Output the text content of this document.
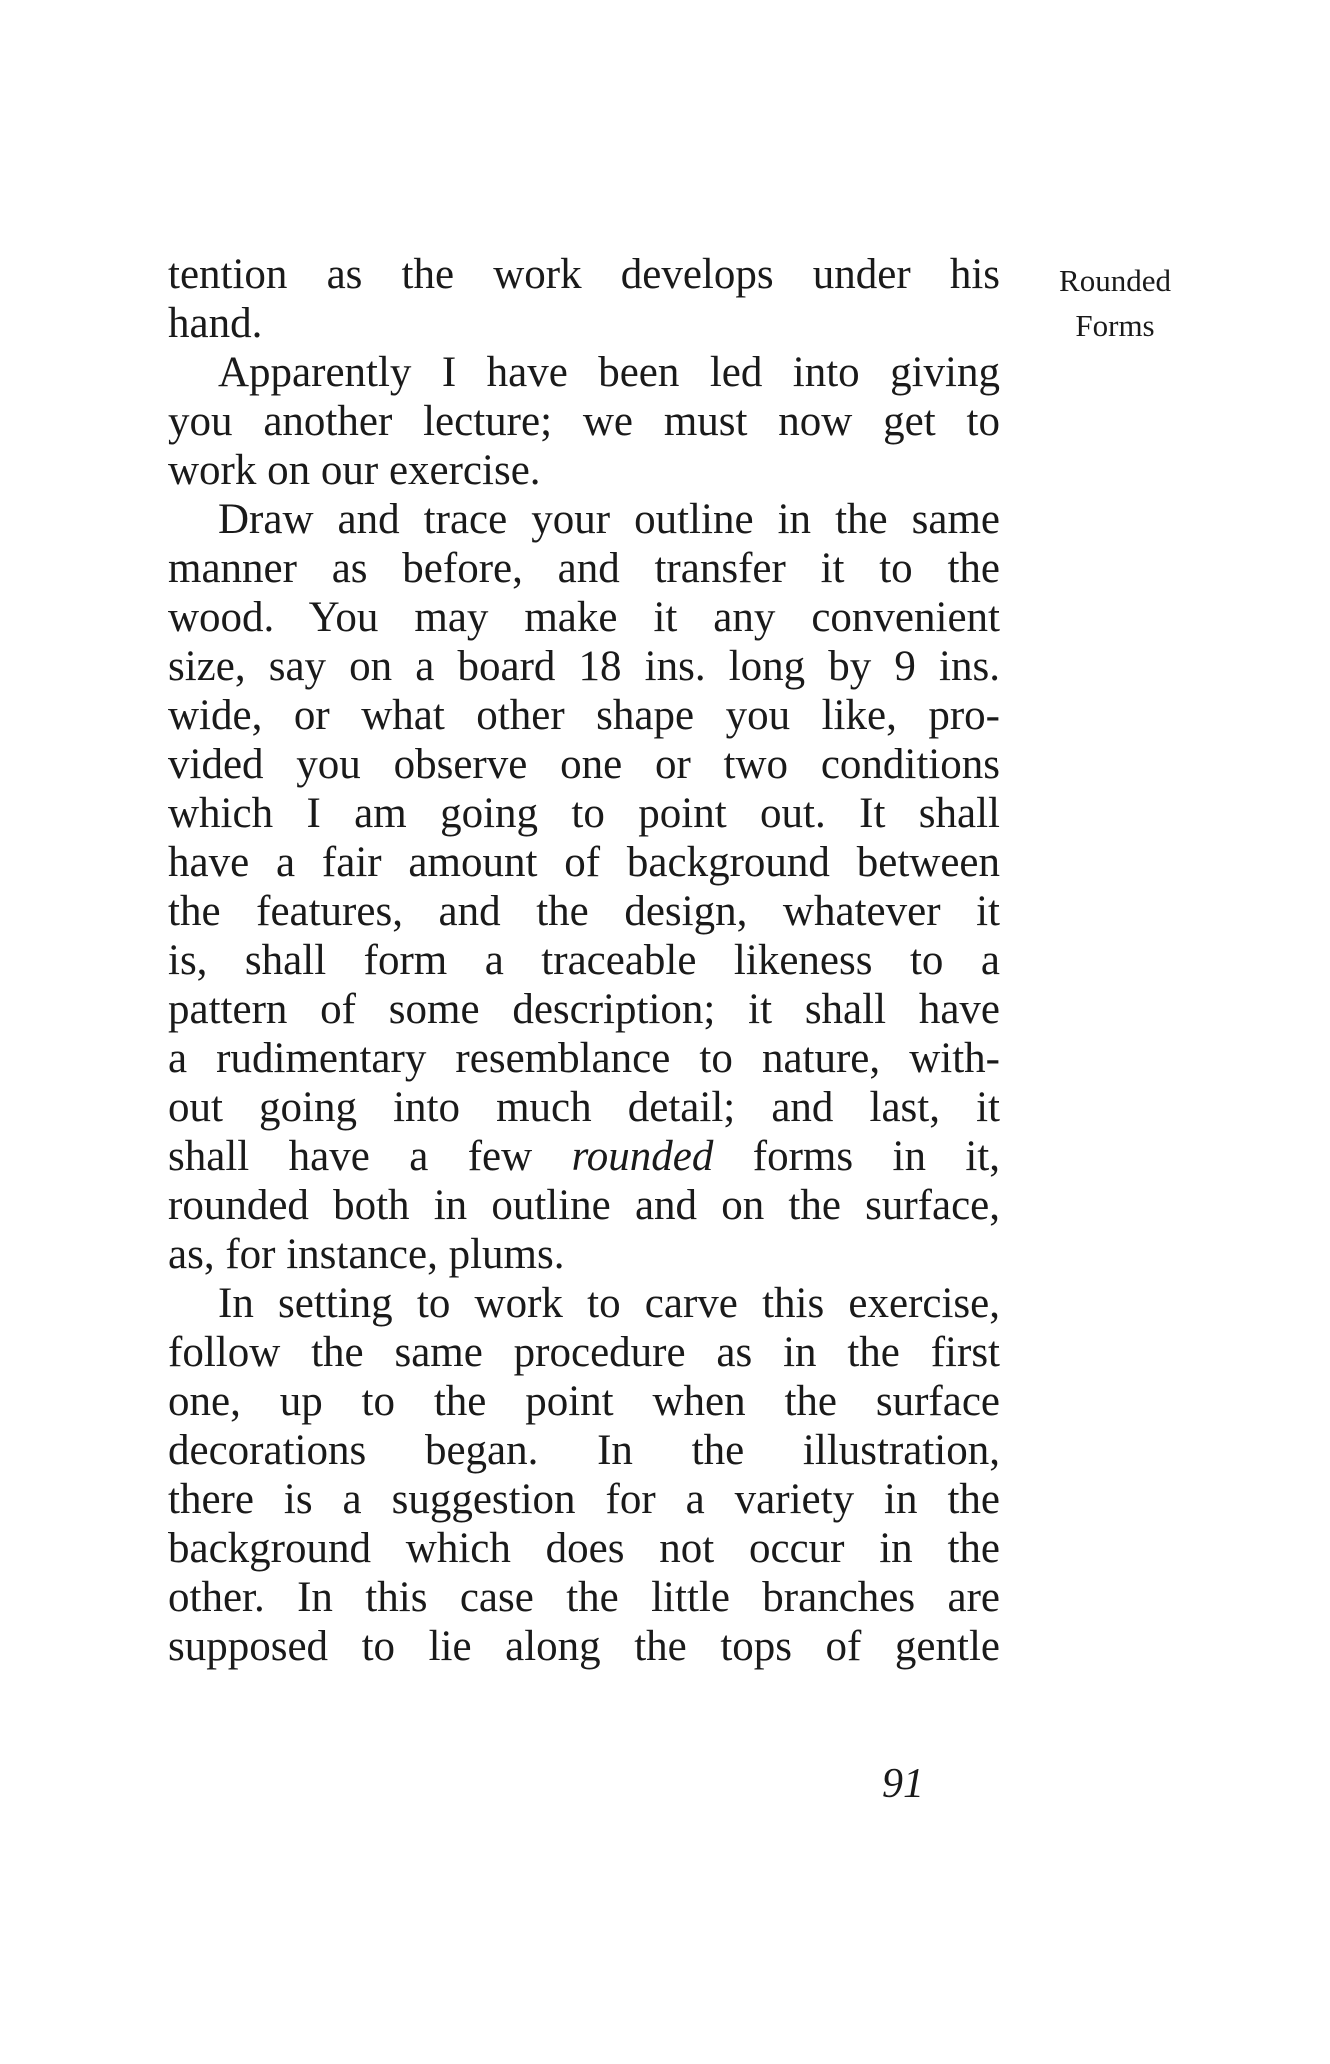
Rounded
Forms
tention as the work develops under his
hand.
Apparently I have been led into giving
you another lecture; we must now get to
work on our exercise.
Draw and trace your outline in the same
manner as before, and transfer it to the
wood. You may make it any convenient
size, say on a board 18 ins. long by 9 ins.
wide, or what other shape you like, pro-
vided you observe one or two conditions
which I am going to point out. It shall
have a fair amount of background between
the features, and the design, whatever it
is, shall form a traceable likeness to a
pattern of some description; it shall have
a rudimentary resemblance to nature, with-
out going into much detail; and last, it
shall have a few rounded forms in it,
rounded both in outline and on the surface,
as, for instance, plums.
In setting to work to carve this exercise,
follow the same procedure as in the first
one, up to the point when the surface
decorations began. In the illustration,
there is a suggestion for a variety in the
background which does not occur in the
other. In this case the little branches are
supposed to lie along the tops of gentle
91
